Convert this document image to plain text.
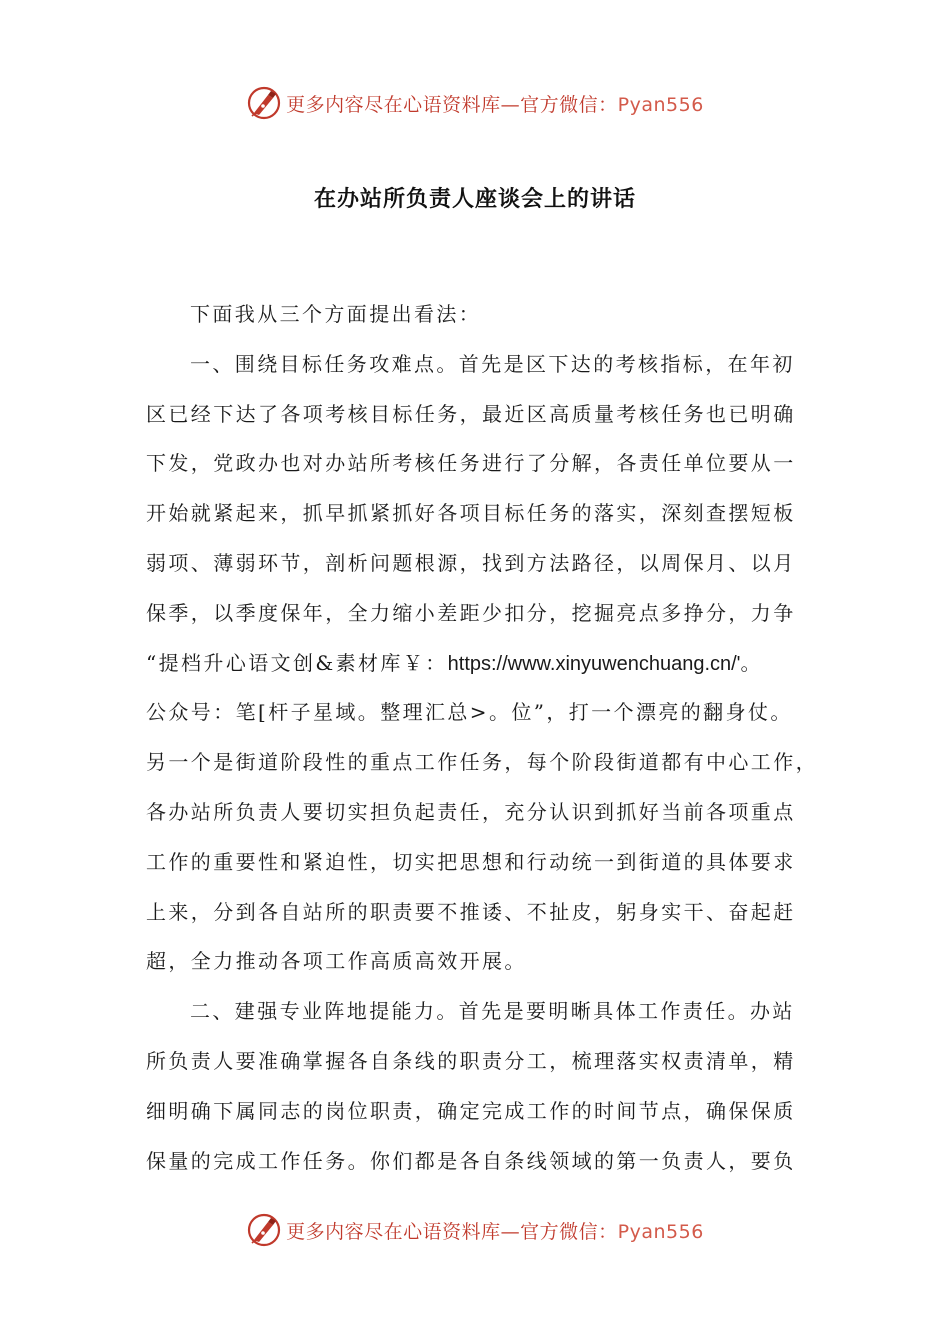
更多内容尽在心语资料库—官方微信：Pyan556
在办站所负责人座谈会上的讲话
下面我从三个方面提出看法：
一、围绕目标任务攻难点。首先是区下达的考核指标，在年初
区已经下达了各项考核目标任务，最近区高质量考核任务也已明确
下发，党政办也对办站所考核任务进行了分解，各责任单位要从一
开始就紧起来，抓早抓紧抓好各项目标任务的落实，深刻查摆短板
弱项、薄弱环节，剖析问题根源，找到方法路径，以周保月、以月
保季，以季度保年，全力缩小差距少扣分，挖掘亮点多挣分，力争
“提档升心语文创&素材库￥：https://www.xinyuwenchuang.cn/'。
公众号：笔[杆子星域。整理汇总>。位”，打一个漂亮的翻身仗。
另一个是街道阶段性的重点工作任务，每个阶段街道都有中心工作，
各办站所负责人要切实担负起责任，充分认识到抓好当前各项重点
工作的重要性和紧迫性，切实把思想和行动统一到街道的具体要求
上来，分到各自站所的职责要不推诿、不扯皮，躬身实干、奋起赶
超，全力推动各项工作高质高效开展。
二、建强专业阵地提能力。首先是要明晰具体工作责任。办站
所负责人要准确掌握各自条线的职责分工，梳理落实权责清单，精
细明确下属同志的岗位职责，确定完成工作的时间节点，确保保质
保量的完成工作任务。你们都是各自条线领域的第一负责人，要负
更多内容尽在心语资料库—官方微信：Pyan556
